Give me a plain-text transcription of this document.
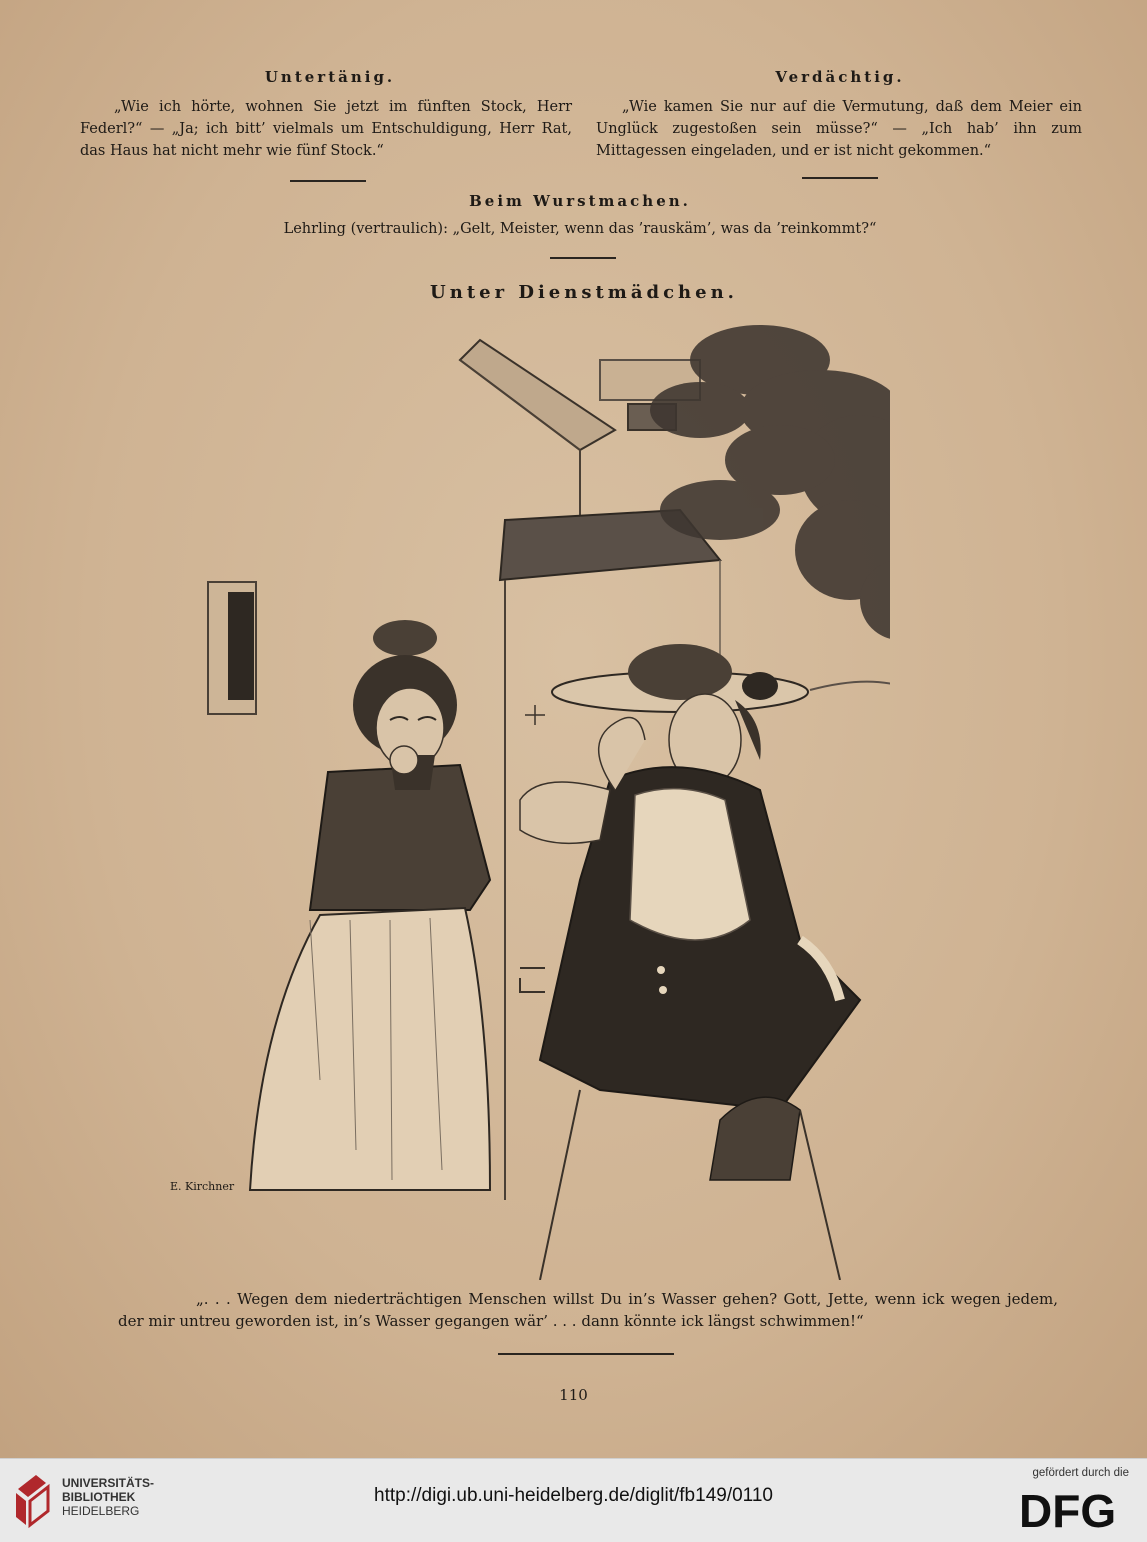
Untertänig.
„Wie ich hörte, wohnen Sie jetzt im fünften Stock, Herr Federl?“ — „Ja; ich bitt’ vielmals um Entschuldigung, Herr Rat, das Haus hat nicht mehr wie fünf Stock.“
Verdächtig.
„Wie kamen Sie nur auf die Vermutung, daß dem Meier ein Unglück zugestoßen sein müsse?“ — „Ich hab’ ihn zum Mittagessen eingeladen, und er ist nicht gekommen.“
Beim Wurstmachen.
Lehrling (vertraulich): „Gelt, Meister, wenn das ’rauskäm’, was da ’reinkommt?“
Unter Dienstmädchen.
E. Kirchner
„. . . Wegen dem niederträchtigen Menschen willst Du in’s Wasser gehen? Gott, Jette, wenn ick wegen jedem, der mir untreu geworden ist, in’s Wasser gegangen wär’ . . . dann könnte ick längst schwimmen!“
110
UNIVERSITÄTS-
BIBLIOTHEK
HEIDELBERG
http://digi.ub.uni-heidelberg.de/diglit/fb149/0110
gefördert durch die
DFG
